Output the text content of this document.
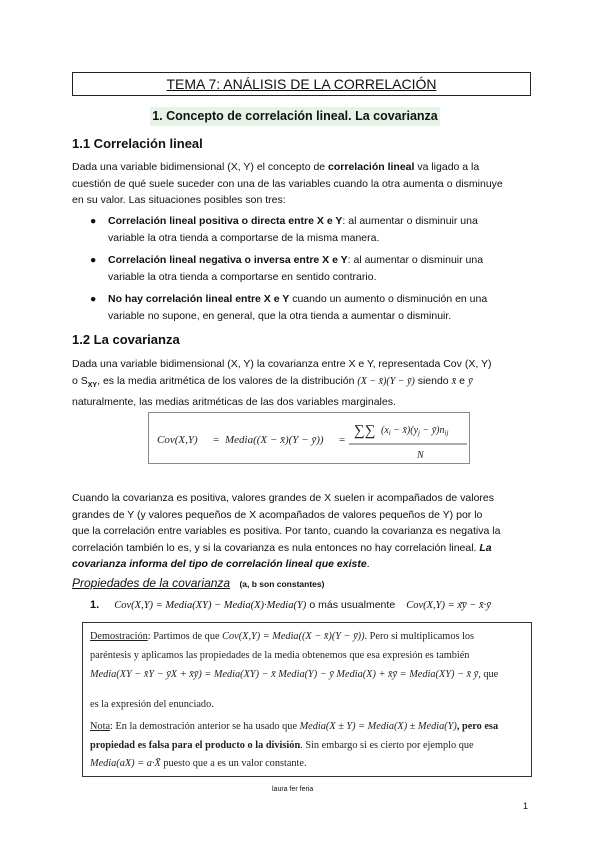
TEMA 7: ANÁLISIS DE LA CORRELACIÓN
1. Concepto de correlación lineal. La covarianza
1.1 Correlación lineal
Dada una variable bidimensional (X, Y) el concepto de correlación lineal va ligado a la
cuestión de qué suele suceder con una de las variables cuando la otra aumenta o disminuye
en su valor. Las situaciones posibles son tres:
● Correlación lineal positiva o directa entre X e Y: al aumentar o disminuir una
variable la otra tienda a comportarse de la misma manera.
● Correlación lineal negativa o inversa entre X e Y: al aumentar o disminuir una
variable la otra tienda a comportarse en sentido contrario.
● No hay correlación lineal entre X e Y cuando un aumento o disminución en una
variable no supone, en general, que la otra tienda a aumentar o disminuir.
1.2 La covarianza
Dada una variable bidimensional (X, Y) la covarianza entre X e Y, representada Cov (X, Y)
o $S_{XY}$, es la media aritmética de los valores de la distribución (X − x̄)(Y − ȳ) siendo x̄ e ȳ
naturalmente, las medias aritméticas de las dos variables marginales.
Cov(X,Y) = Media((X − x̄)(Y − ȳ)) =
∑∑ ($x_i$ − $x̄)(y_j$ − $ȳ)n_{ij}$
N
Cuando la covarianza es positiva, valores grandes de X suelen ir acompañados de valores
grandes de Y (y valores pequeños de X acompañados de valores pequeños de Y) por lo
que la correlación entre variables es positiva. Por tanto, cuando la covarianza es negativa la
correlación también lo es, y si la covarianza es nula entonces no hay correlación lineal. La
covarianza informa del tipo de correlación lineal que existe.
Propiedades de la covarianza (a, b son constantes)
1. Cov(X,Y) = Media(XY) − Media(X)·Media(Y) o más usualmente Cov(X,Y) = x͞y − x̄·ȳ
Demostración: Partimos de que Cov(X,Y) = Media((X − x̄)(Y − ȳ)). Pero si multiplicamos los
paréntesis y aplicamos las propiedades de la media obtenemos que esa expresión es también
Media(XY − x̄Y − ȳX + x̄ȳ) = Media(XY) − x̄ Media(Y) − ȳ Media(X) + x̄ȳ = Media(XY) − x̄ ȳ, que
es la expresión del enunciado.
Nota: En la demostración anterior se ha usado que Media(X ± Y) = Media(X) ± Media(Y), pero esa
propiedad es falsa para el producto o la división. Sin embargo si es cierto por ejemplo que
Media(aX) = a·X̄ puesto que a es un valor constante.
laura fer feria
1
